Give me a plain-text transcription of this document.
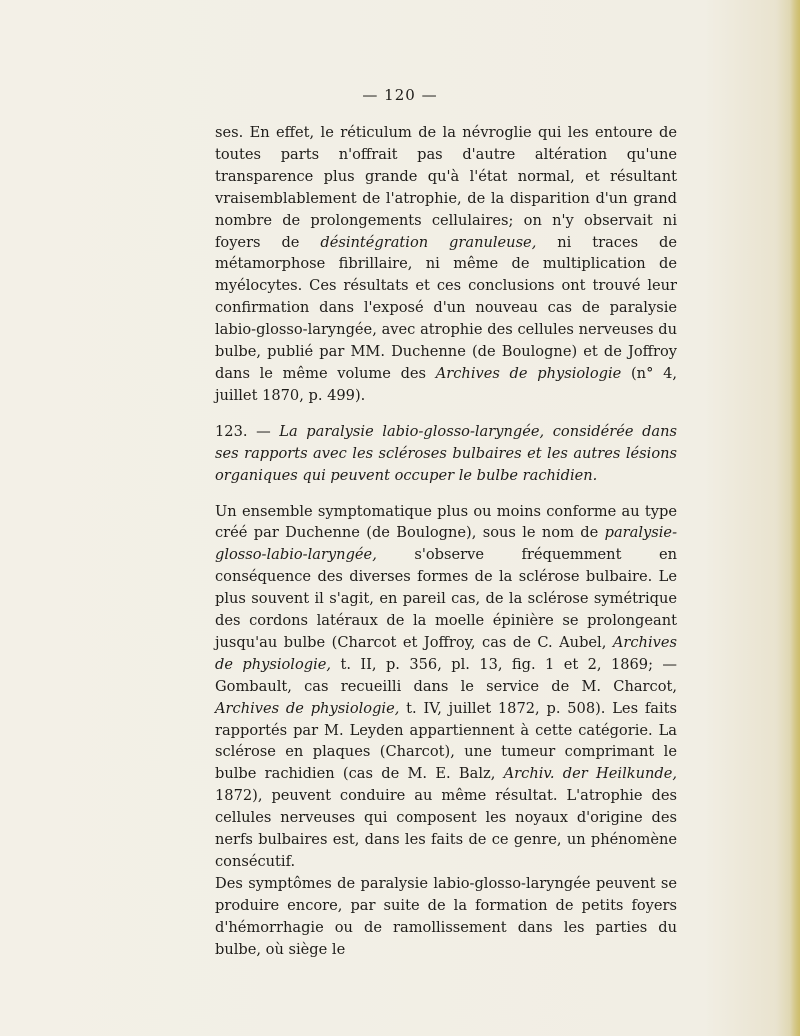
— 120 —

ses. En effet, le réticulum de la névroglie qui les entoure de toutes parts n'offrait pas d'autre altération qu'une transparence plus grande qu'à l'état normal, et résultant vraisemblablement de l'atrophie, de la disparition d'un grand nombre de prolongements cellulaires; on n'y observait ni foyers de désintégration granuleuse, ni traces de métamorphose fibrillaire, ni même de multiplication de myélocytes. Ces résultats et ces conclusions ont trouvé leur confirmation dans l'exposé d'un nouveau cas de paralysie labio-glosso-laryngée, avec atrophie des cellules nerveuses du bulbe, publié par MM. Duchenne (de Boulogne) et de Joffroy dans le même volume des Archives de physiologie (n° 4, juillet 1870, p. 499).

123. — La paralysie labio-glosso-laryngée, considérée dans ses rapports avec les scléroses bulbaires et les autres lésions organiques qui peuvent occuper le bulbe rachidien.

Un ensemble symptomatique plus ou moins conforme au type créé par Duchenne (de Boulogne), sous le nom de paralysie-glosso-labio-laryngée, s'observe fréquemment en conséquence des diverses formes de la sclérose bulbaire. Le plus souvent il s'agit, en pareil cas, de la sclérose symétrique des cordons latéraux de la moelle épinière se prolongeant jusqu'au bulbe (Charcot et Joffroy, cas de C. Aubel, Archives de physiologie, t. II, p. 356, pl. 13, fig. 1 et 2, 1869; — Gombault, cas recueilli dans le service de M. Charcot, Archives de physiologie, t. IV, juillet 1872, p. 508). Les faits rapportés par M. Leyden appartiennent à cette catégorie. La sclérose en plaques (Charcot), une tumeur comprimant le bulbe rachidien (cas de M. E. Balz, Archiv. der Heilkunde, 1872), peuvent conduire au même résultat. L'atrophie des cellules nerveuses qui composent les noyaux d'origine des nerfs bulbaires est, dans les faits de ce genre, un phénomène consécutif.

Des symptômes de paralysie labio-glosso-laryngée peuvent se produire encore, par suite de la formation de petits foyers d'hémorrhagie ou de ramollissement dans les parties du bulbe, où siège le
